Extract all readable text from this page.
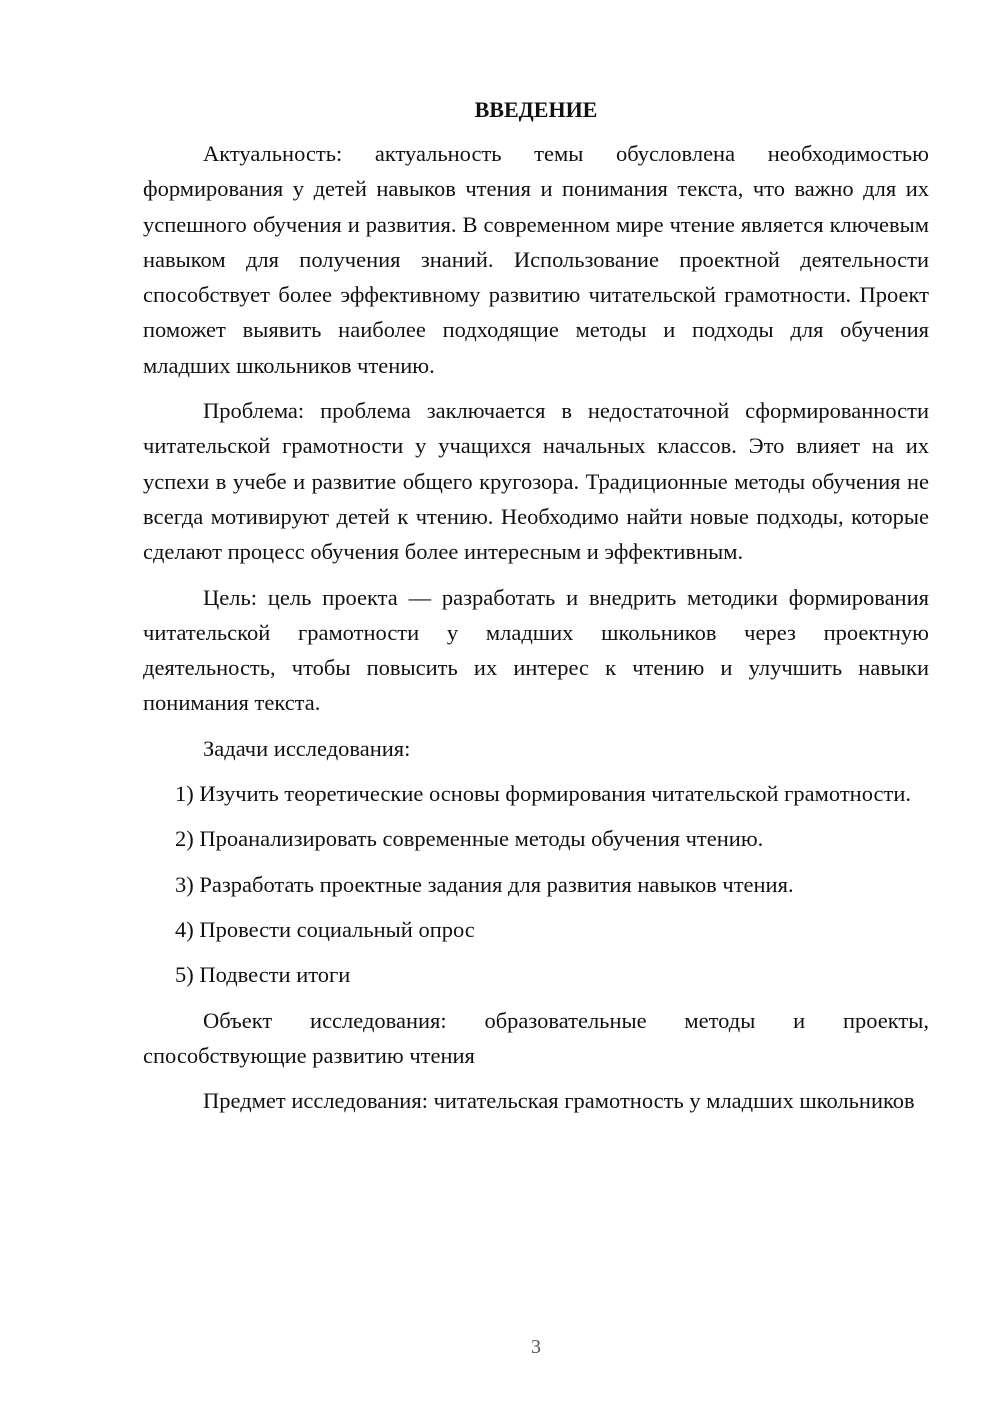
ВВЕДЕНИЕ

Актуальность: актуальность темы обусловлена необходимостью формирования у детей навыков чтения и понимания текста, что важно для их успешного обучения и развития. В современном мире чтение является ключевым навыком для получения знаний. Использование проектной деятельности способствует более эффективному развитию читательской грамотности. Проект поможет выявить наиболее подходящие методы и подходы для обучения младших школьников чтению.

Проблема: проблема заключается в недостаточной сформированности читательской грамотности у учащихся начальных классов. Это влияет на их успехи в учебе и развитие общего кругозора. Традиционные методы обучения не всегда мотивируют детей к чтению. Необходимо найти новые подходы, которые сделают процесс обучения более интересным и эффективным.

Цель: цель проекта — разработать и внедрить методики формирования читательской грамотности у младших школьников через проектную деятельность, чтобы повысить их интерес к чтению и улучшить навыки понимания текста.

Задачи исследования:

1) Изучить теоретические основы формирования читательской грамотности.

2) Проанализировать современные методы обучения чтению.

3) Разработать проектные задания для развития навыков чтения.

4) Провести социальный опрос

5) Подвести итоги

Объект исследования: образовательные методы и проекты, способствующие развитию чтения

Предмет исследования: читательская грамотность у младших школьников

3
